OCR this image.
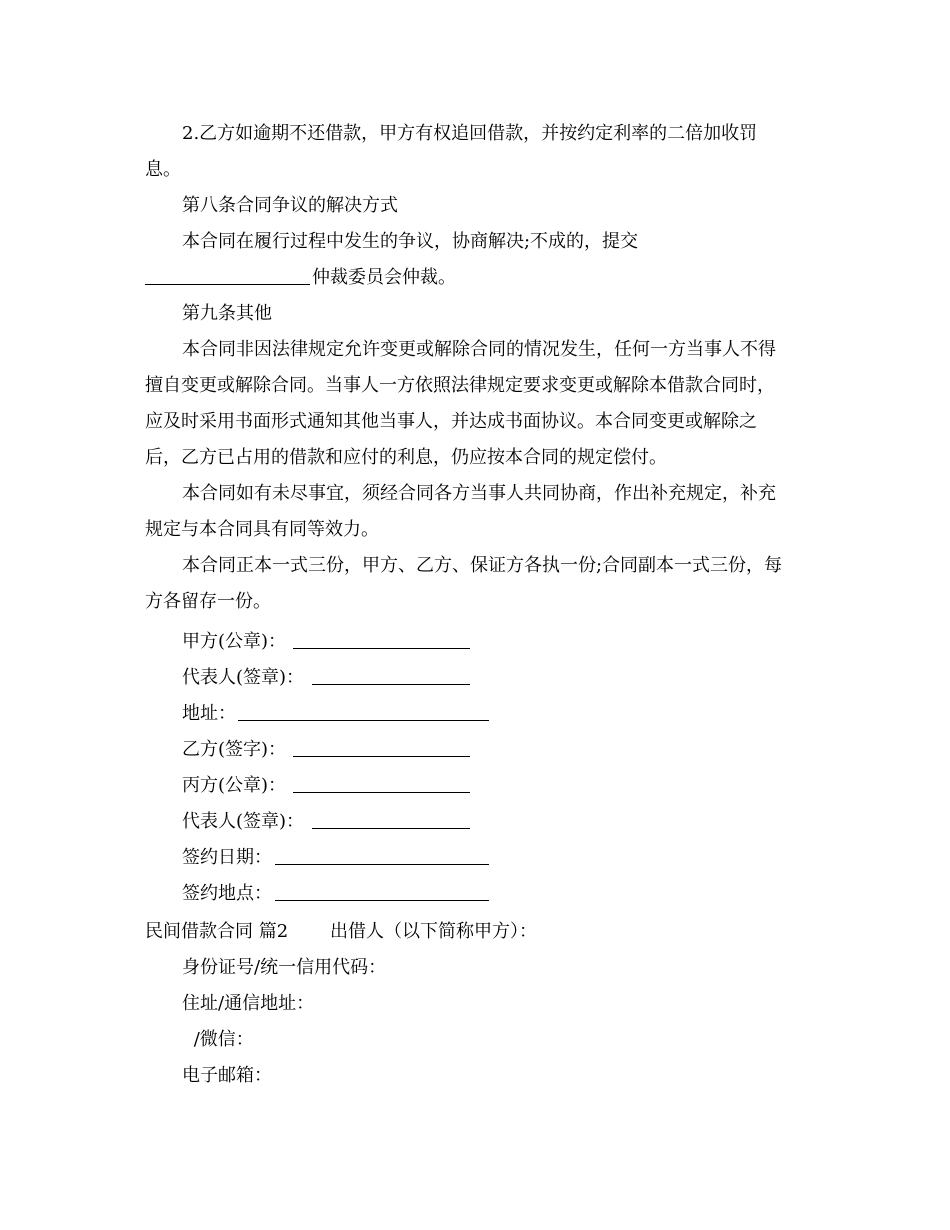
2.乙方如逾期不还借款，甲方有权追回借款，并按约定利率的二倍加收罚
息。
第八条合同争议的解决方式
本合同在履行过程中发生的争议，协商解决;不成的，提交
仲裁委员会仲裁。
第九条其他
本合同非因法律规定允许变更或解除合同的情况发生，任何一方当事人不得
擅自变更或解除合同。当事人一方依照法律规定要求变更或解除本借款合同时，
应及时采用书面形式通知其他当事人，并达成书面协议。本合同变更或解除之
后，乙方已占用的借款和应付的利息，仍应按本合同的规定偿付。
本合同如有未尽事宜，须经合同各方当事人共同协商，作出补充规定，补充
规定与本合同具有同等效力。
本合同正本一式三份，甲方、乙方、保证方各执一份;合同副本一式三份，每
方各留存一份。
甲方(公章)：
代表人(签章)：
地址：
乙方(签字)：
丙方(公章)：
代表人(签章)：
签约日期：
签约地点：
民间借款合同 篇2 出借人（以下简称甲方）：
身份证号/统一信用代码：
住址/通信地址：
/微信：
电子邮箱：
